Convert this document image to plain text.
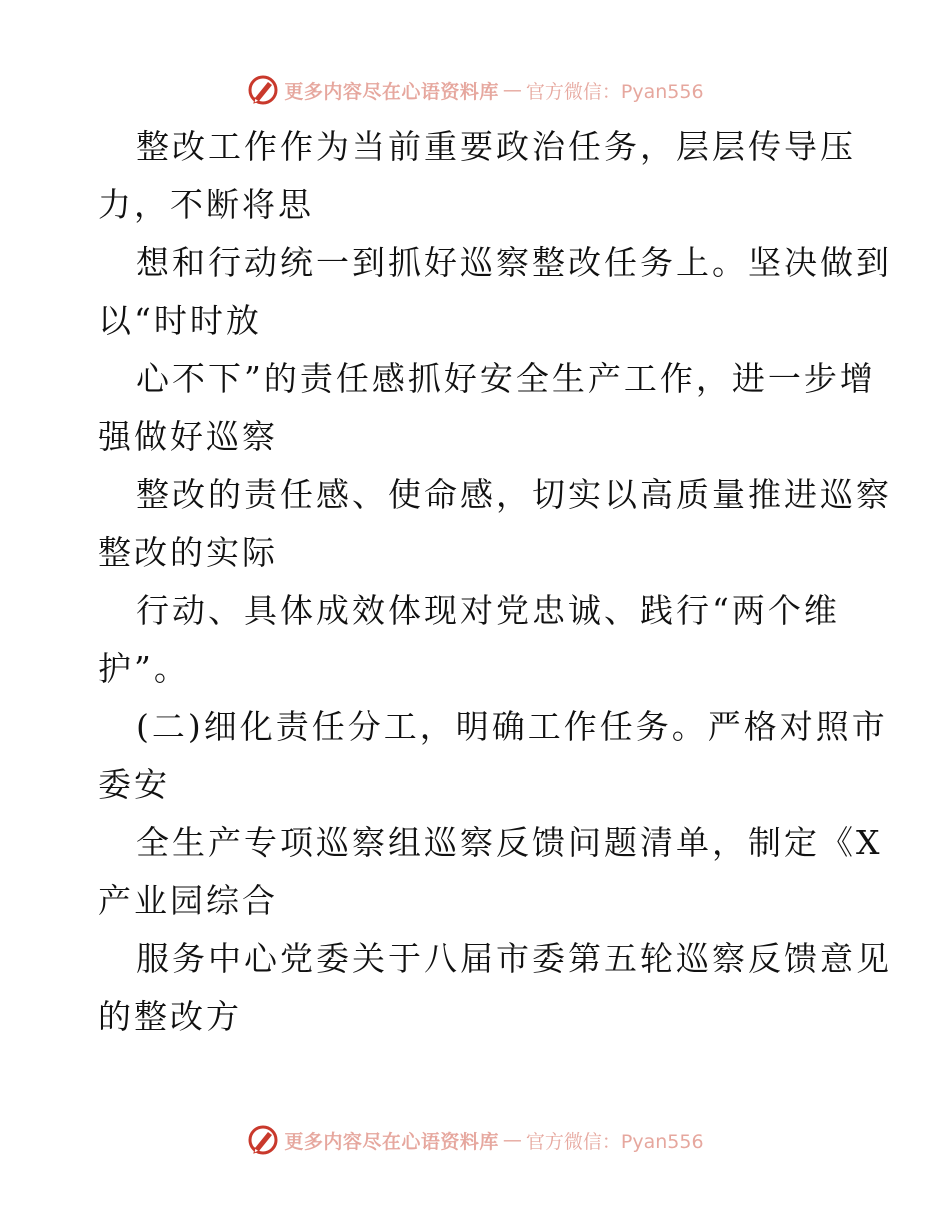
更多内容尽在心语资料库 — 官方微信：Pyan556
整改工作作为当前重要政治任务，层层传导压
力，不断将思
想和行动统一到抓好巡察整改任务上。坚决做到
以“时时放
心不下”的责任感抓好安全生产工作，进一步增
强做好巡察
整改的责任感、使命感，切实以高质量推进巡察
整改的实际
行动、具体成效体现对党忠诚、践行“两个维
护”。
(二)细化责任分工，明确工作任务。严格对照市
委安
全生产专项巡察组巡察反馈问题清单，制定《X
产业园综合
服务中心党委关于八届市委第五轮巡察反馈意见
的整改方
更多内容尽在心语资料库 — 官方微信：Pyan556
